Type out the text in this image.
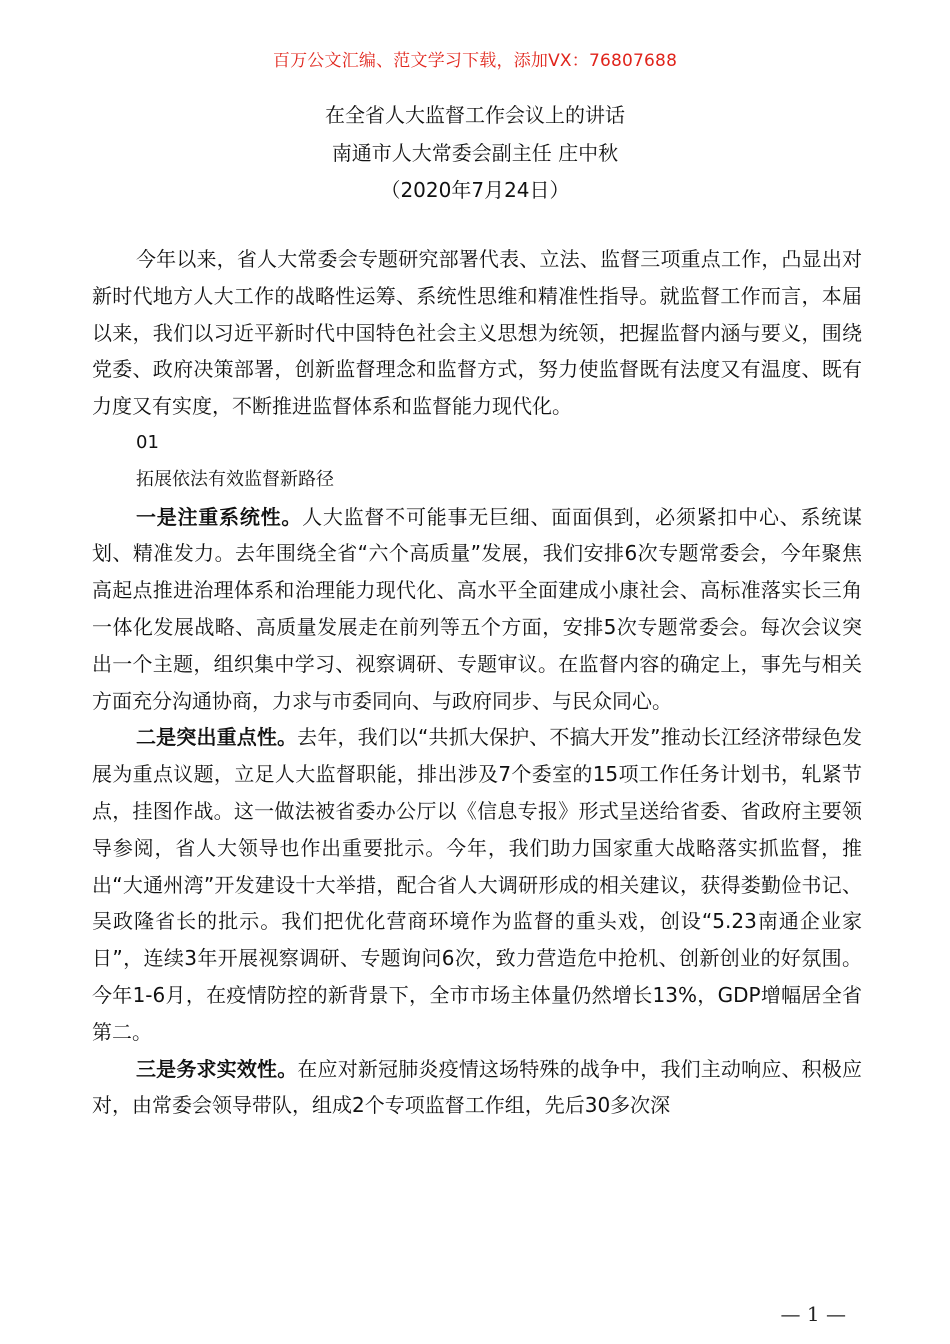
百万公文汇编、范文学习下载，添加VX：76807688
在全省人大监督工作会议上的讲话
南通市人大常委会副主任 庄中秋
（2020年7月24日）

今年以来，省人大常委会专题研究部署代表、立法、监督三项重点工作，凸显出对新时代地方人大工作的战略性运筹、系统性思维和精准性指导。就监督工作而言，本届以来，我们以习近平新时代中国特色社会主义思想为统领，把握监督内涵与要义，围绕党委、政府决策部署，创新监督理念和监督方式，努力使监督既有法度又有温度、既有力度又有实度，不断推进监督体系和监督能力现代化。

01

拓展依法有效监督新路径

一是注重系统性。人大监督不可能事无巨细、面面俱到，必须紧扣中心、系统谋划、精准发力。去年围绕全省“六个高质量”发展，我们安排6次专题常委会，今年聚焦高起点推进治理体系和治理能力现代化、高水平全面建成小康社会、高标准落实长三角一体化发展战略、高质量发展走在前列等五个方面，安排5次专题常委会。每次会议突出一个主题，组织集中学习、视察调研、专题审议。在监督内容的确定上，事先与相关方面充分沟通协商，力求与市委同向、与政府同步、与民众同心。

二是突出重点性。去年，我们以“共抓大保护、不搞大开发”推动长江经济带绿色发展为重点议题，立足人大监督职能，排出涉及7个委室的15项工作任务计划书，轧紧节点，挂图作战。这一做法被省委办公厅以《信息专报》形式呈送给省委、省政府主要领导参阅，省人大领导也作出重要批示。今年，我们助力国家重大战略落实抓监督，推出“大通州湾”开发建设十大举措，配合省人大调研形成的相关建议，获得娄勤俭书记、吴政隆省长的批示。我们把优化营商环境作为监督的重头戏，创设“5.23南通企业家日”，连续3年开展视察调研、专题询问6次，致力营造危中抢机、创新创业的好氛围。今年1-6月，在疫情防控的新背景下，全市市场主体量仍然增长13%，GDP增幅居全省第二。

三是务求实效性。在应对新冠肺炎疫情这场特殊的战争中，我们主动响应、积极应对，由常委会领导带队，组成2个专项监督工作组，先后30多次深

— 1 —
